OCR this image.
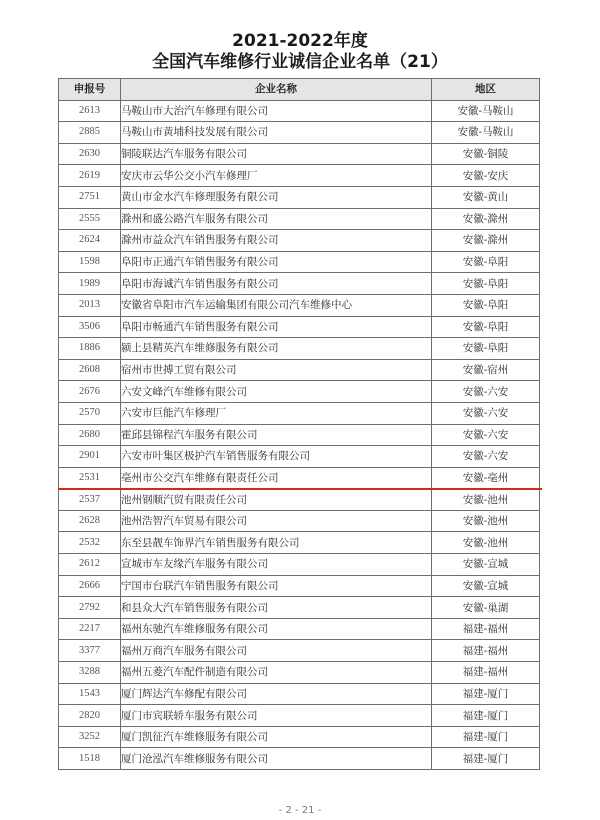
2021-2022年度
全国汽车维修行业诚信企业名单（21）
申报号	企业名称	地区
2613	马鞍山市大治汽车修理有限公司	安徽-马鞍山
2885	马鞍山市黄埔科技发展有限公司	安徽-马鞍山
2630	铜陵联达汽车服务有限公司	安徽-铜陵
2619	安庆市云华公交小汽车修理厂	安徽-安庆
2751	黄山市金水汽车修理服务有限公司	安徽-黄山
2555	滁州和盛公路汽车服务有限公司	安徽-滁州
2624	滁州市益众汽车销售服务有限公司	安徽-滁州
1598	阜阳市正通汽车销售服务有限公司	安徽-阜阳
1989	阜阳市海诚汽车销售服务有限公司	安徽-阜阳
2013	安徽省阜阳市汽车运输集团有限公司汽车维修中心	安徽-阜阳
3506	阜阳市畅通汽车销售服务有限公司	安徽-阜阳
1886	颍上县精英汽车维修服务有限公司	安徽-阜阳
2608	宿州市世搏工贸有限公司	安徽-宿州
2676	六安文峰汽车维修有限公司	安徽-六安
2570	六安市巨能汽车修理厂	安徽-六安
2680	霍邱县锦程汽车服务有限公司	安徽-六安
2901	六安市叶集区极护汽车销售服务有限公司	安徽-六安
2531	亳州市公交汽车维修有限责任公司	安徽-亳州
2537	池州钢顺汽贸有限责任公司	安徽-池州
2628	池州浩智汽车贸易有限公司	安徽-池州
2532	东至县靓车饰界汽车销售服务有限公司	安徽-池州
2612	宣城市车友缘汽车服务有限公司	安徽-宣城
2666	宁国市台联汽车销售服务有限公司	安徽-宣城
2792	和县众大汽车销售服务有限公司	安徽-巢湖
2217	福州东驰汽车维修服务有限公司	福建-福州
3377	福州万商汽车服务有限公司	福建-福州
3288	福州五菱汽车配件制造有限公司	福建-福州
1543	厦门辉达汽车修配有限公司	福建-厦门
2820	厦门市宾联轿车服务有限公司	福建-厦门
3252	厦门凯征汽车维修服务有限公司	福建-厦门
1518	厦门沧泓汽车维修服务有限公司	福建-厦门
- 2 - 21 -
